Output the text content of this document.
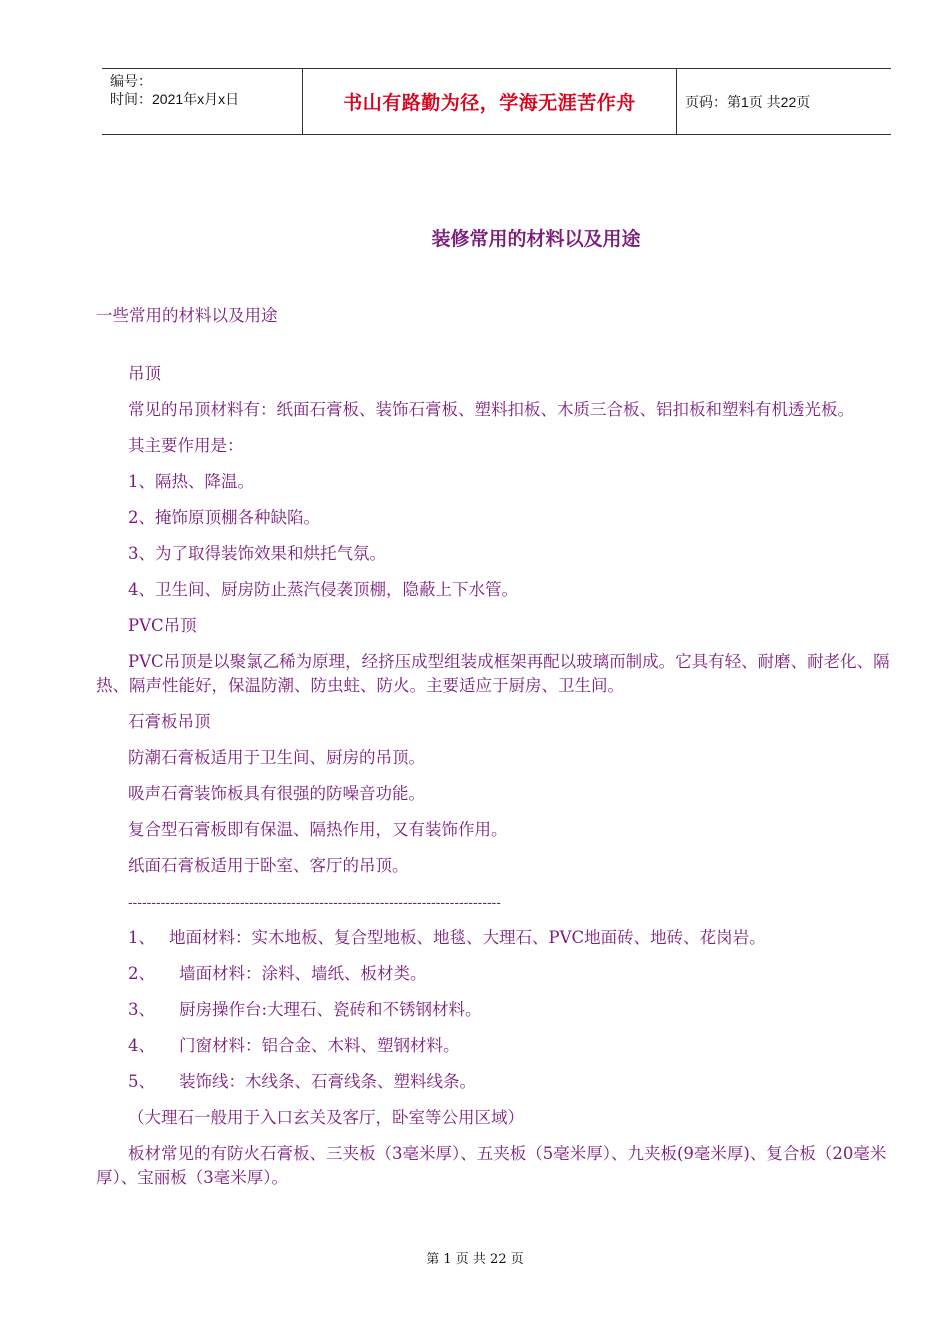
编号：
时间：2021年x月x日	书山有路勤为径，学海无涯苦作舟	页码：第1页 共22页
装修常用的材料以及用途
一些常用的材料以及用途

吊顶

常见的吊顶材料有：纸面石膏板、装饰石膏板、塑料扣板、木质三合板、铝扣板和塑料有机透光板。

其主要作用是：

1、隔热、降温。

2、掩饰原顶棚各种缺陷。

3、为了取得装饰效果和烘托气氛。

4、卫生间、厨房防止蒸汽侵袭顶棚，隐蔽上下水管。

PVC吊顶

PVC吊顶是以聚氯乙稀为原理，经挤压成型组装成框架再配以玻璃而制成。它具有轻、耐磨、耐老化、隔热、隔声性能好，保温防潮、防虫蛀、防火。主要适应于厨房、卫生间。

石膏板吊顶

防潮石膏板适用于卫生间、厨房的吊顶。

吸声石膏装饰板具有很强的防噪音功能。

复合型石膏板即有保温、隔热作用，又有装饰作用。

纸面石膏板适用于卧室、客厅的吊顶。

--------------------------------------------------------------------------------
1、 地面材料：实木地板、复合型地板、地毯、大理石、PVC地面砖、地砖、花岗岩。
2、 墙面材料：涂料、墙纸、板材类。
3、 厨房操作台:大理石、瓷砖和不锈钢材料。
4、 门窗材料：铝合金、木料、塑钢材料。
5、 装饰线：木线条、石膏线条、塑料线条。

（大理石一般用于入口玄关及客厅，卧室等公用区域）

板材常见的有防火石膏板、三夹板（3毫米厚）、五夹板（5毫米厚）、九夹板(9毫米厚)、复合板（20毫米厚）、宝丽板（3毫米厚）。

第 1 页 共 22 页
